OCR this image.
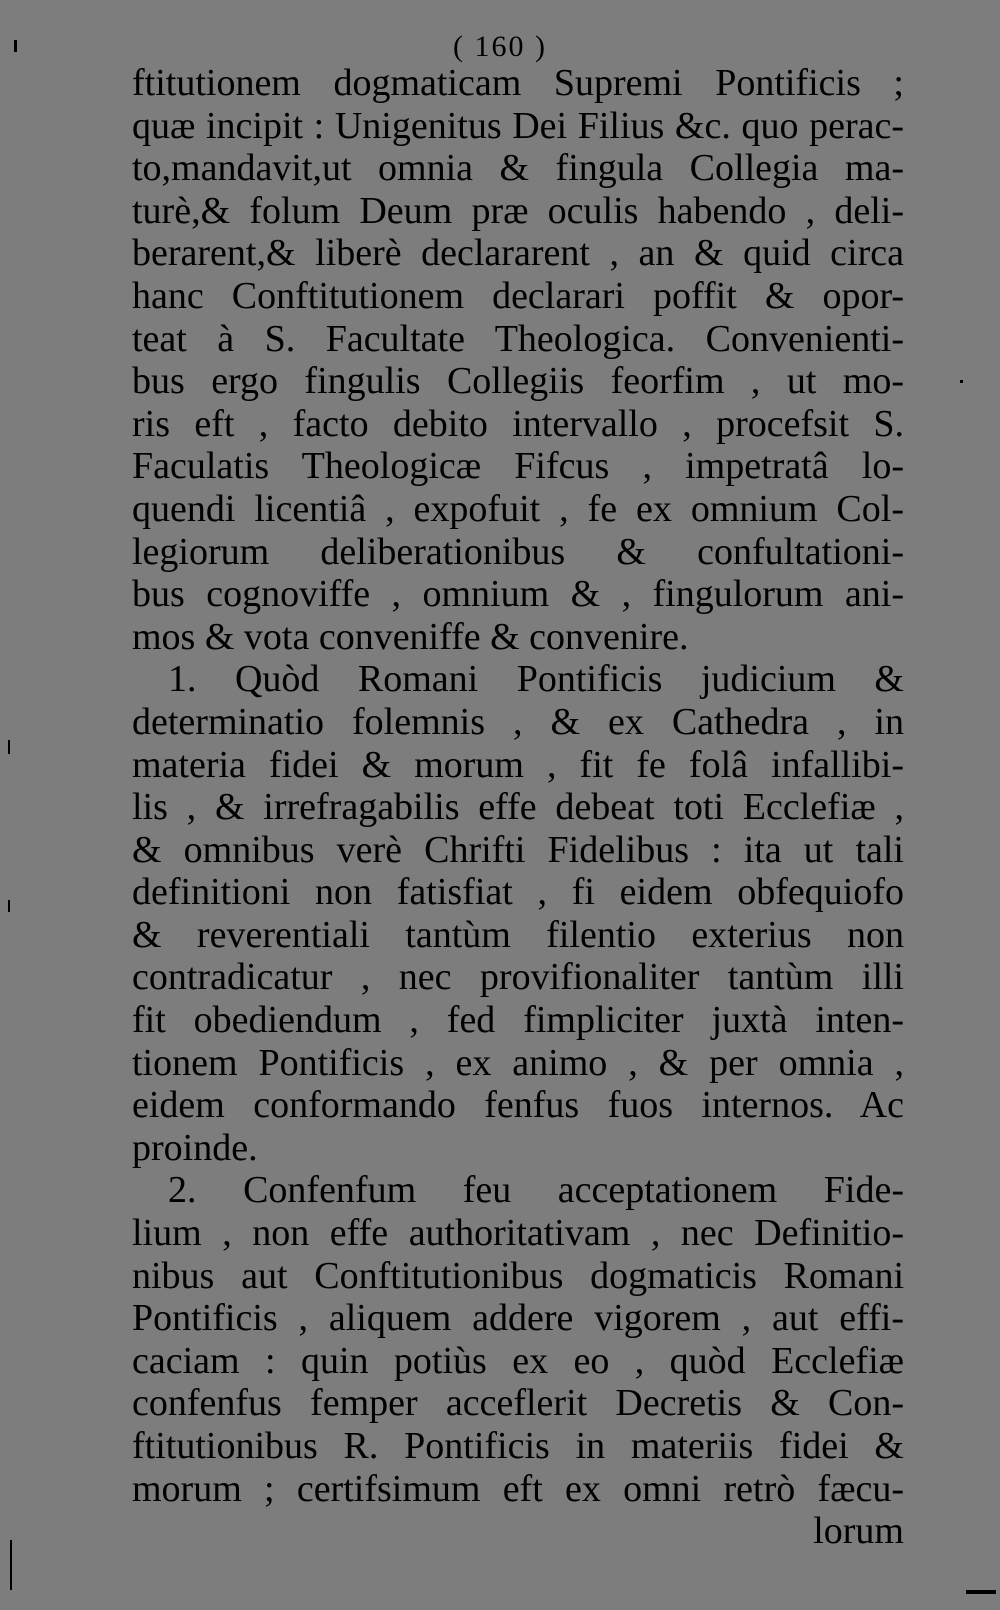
( 160 )
ftitutionem dogmaticam Supremi Pontificis ;
quæ incipit : Unigenitus Dei Filius &c. quo perac-
to,mandavit,ut omnia & fingula Collegia ma-
turè,& folum Deum præ oculis habendo , deli-
berarent,& liberè declararent , an & quid circa
hanc Conftitutionem declarari poffit & opor-
teat à S. Facultate Theologica. Convenienti-
bus ergo fingulis Collegiis feorfim , ut mo-
ris eft , facto debito intervallo , procefsit S.
Faculatis Theologicæ Fifcus , impetratâ lo-
quendi licentiâ , expofuit , fe ex omnium Col-
legiorum deliberationibus & confultationi-
bus cognoviffe , omnium & , fingulorum ani-
mos & vota conveniffe & convenire.
1. Quòd Romani Pontificis judicium &
determinatio folemnis , & ex Cathedra , in
materia fidei & morum , fit fe folâ infallibi-
lis , & irrefragabilis effe debeat toti Ecclefiæ ,
& omnibus verè Chrifti Fidelibus : ita ut tali
definitioni non fatisfiat , fi eidem obfequiofo
& reverentiali tantùm filentio exterius non
contradicatur , nec provifionaliter tantùm illi
fit obediendum , fed fimpliciter juxtà inten-
tionem Pontificis , ex animo , & per omnia ,
eidem conformando fenfus fuos internos. Ac
proinde.
2. Confenfum feu acceptationem Fide-
lium , non effe authoritativam , nec Definitio-
nibus aut Conftitutionibus dogmaticis Romani
Pontificis , aliquem addere vigorem , aut effi-
caciam : quin potiùs ex eo , quòd Ecclefiæ
confenfus femper acceflerit Decretis & Con-
ftitutionibus R. Pontificis in materiis fidei &
morum ; certifsimum eft ex omni retrò fæcu-
lorum
